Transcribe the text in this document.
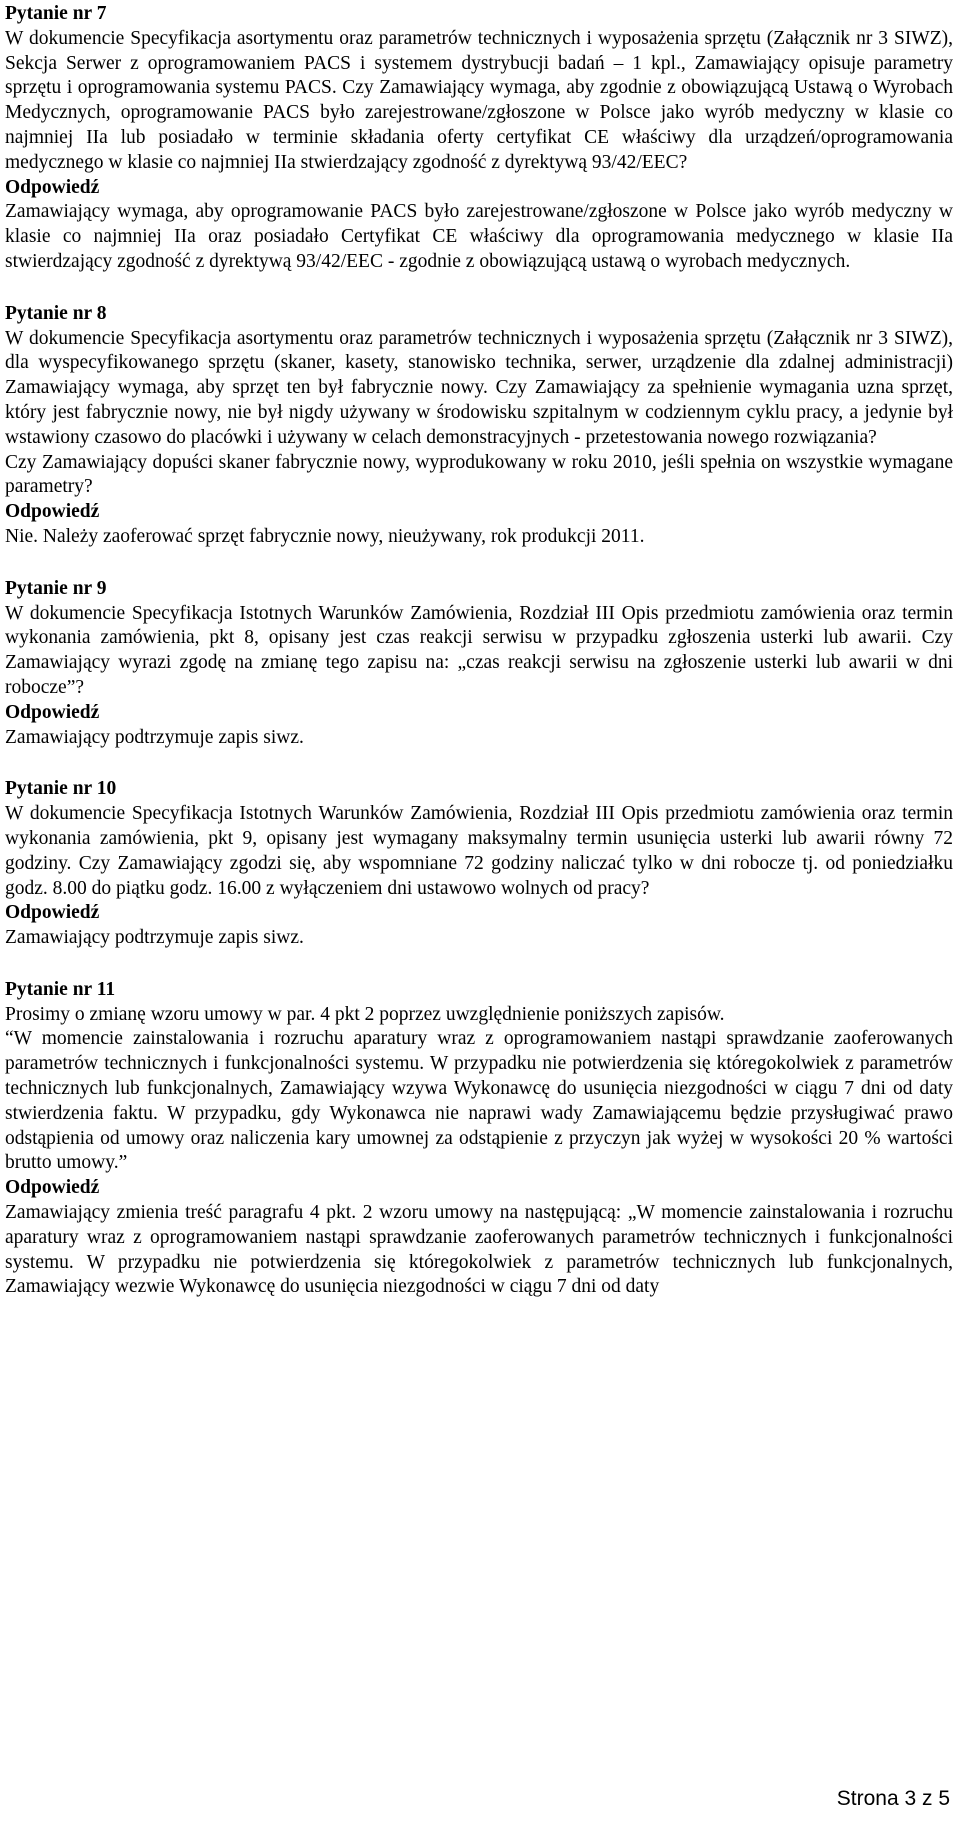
Pytanie nr 7

W dokumencie Specyfikacja asortymentu oraz parametrów technicznych i wyposażenia sprzętu (Załącznik nr 3 SIWZ), Sekcja Serwer z oprogramowaniem PACS i systemem dystrybucji badań – 1 kpl., Zamawiający opisuje parametry sprzętu i oprogramowania systemu PACS. Czy Zamawiający wymaga, aby zgodnie z obowiązującą Ustawą o Wyrobach Medycznych, oprogramowanie PACS było zarejestrowane/zgłoszone w Polsce jako wyrób medyczny w klasie co najmniej IIa lub posiadało w terminie składania oferty certyfikat CE właściwy dla urządzeń/oprogramowania medycznego w klasie co najmniej IIa stwierdzający zgodność z dyrektywą 93/42/EEC?

Odpowiedź

Zamawiający wymaga, aby oprogramowanie PACS było zarejestrowane/zgłoszone w Polsce jako wyrób medyczny w klasie co najmniej IIa oraz posiadało Certyfikat CE właściwy dla oprogramowania medycznego w klasie IIa stwierdzający zgodność z dyrektywą 93/42/EEC - zgodnie z obowiązującą ustawą o wyrobach medycznych.

Pytanie nr 8

W dokumencie Specyfikacja asortymentu oraz parametrów technicznych i wyposażenia sprzętu (Załącznik nr 3 SIWZ), dla wyspecyfikowanego sprzętu (skaner, kasety, stanowisko technika, serwer, urządzenie dla zdalnej administracji) Zamawiający wymaga, aby sprzęt ten był fabrycznie nowy. Czy Zamawiający za spełnienie wymagania uzna sprzęt, który jest fabrycznie nowy, nie był nigdy używany w środowisku szpitalnym w codziennym cyklu pracy, a jedynie był wstawiony czasowo do placówki i używany w celach demonstracyjnych - przetestowania nowego rozwiązania?

Czy Zamawiający dopuści skaner fabrycznie nowy, wyprodukowany w roku 2010, jeśli spełnia on wszystkie wymagane parametry?

Odpowiedź

Nie. Należy zaoferować sprzęt fabrycznie nowy, nieużywany, rok produkcji 2011.

Pytanie nr 9

W dokumencie Specyfikacja Istotnych Warunków Zamówienia, Rozdział III Opis przedmiotu zamówienia oraz termin wykonania zamówienia, pkt 8, opisany jest czas reakcji serwisu w przypadku zgłoszenia usterki lub awarii. Czy Zamawiający wyrazi zgodę na zmianę tego zapisu na: „czas reakcji serwisu na zgłoszenie usterki lub awarii w dni robocze”?

Odpowiedź

Zamawiający podtrzymuje zapis siwz.

Pytanie nr 10

W dokumencie Specyfikacja Istotnych Warunków Zamówienia, Rozdział III Opis przedmiotu zamówienia oraz termin wykonania zamówienia, pkt 9, opisany jest wymagany maksymalny termin usunięcia usterki lub awarii równy 72 godziny. Czy Zamawiający zgodzi się, aby wspomniane 72 godziny naliczać tylko w dni robocze tj. od poniedziałku godz. 8.00 do piątku godz. 16.00 z wyłączeniem dni ustawowo wolnych od pracy?

Odpowiedź

Zamawiający podtrzymuje zapis siwz.

Pytanie nr 11

Prosimy o zmianę wzoru umowy w par. 4 pkt 2 poprzez uwzględnienie poniższych zapisów.

“W momencie zainstalowania i rozruchu aparatury wraz z oprogramowaniem nastąpi sprawdzanie zaoferowanych parametrów technicznych i funkcjonalności systemu. W przypadku nie potwierdzenia się któregokolwiek z parametrów technicznych lub funkcjonalnych, Zamawiający wzywa Wykonawcę do usunięcia niezgodności w ciągu 7 dni od daty stwierdzenia faktu. W przypadku, gdy Wykonawca nie naprawi wady Zamawiającemu będzie przysługiwać prawo odstąpienia od umowy oraz naliczenia kary umownej za odstąpienie z przyczyn jak wyżej w wysokości 20 % wartości brutto umowy.”

Odpowiedź

Zamawiający zmienia treść paragrafu 4 pkt. 2 wzoru umowy na następującą: „W momencie zainstalowania i rozruchu aparatury wraz z oprogramowaniem nastąpi sprawdzanie zaoferowanych parametrów technicznych i funkcjonalności systemu. W przypadku nie potwierdzenia się któregokolwiek z parametrów technicznych lub funkcjonalnych, Zamawiający wezwie Wykonawcę do usunięcia niezgodności w ciągu 7 dni od daty

Strona 3 z 5
